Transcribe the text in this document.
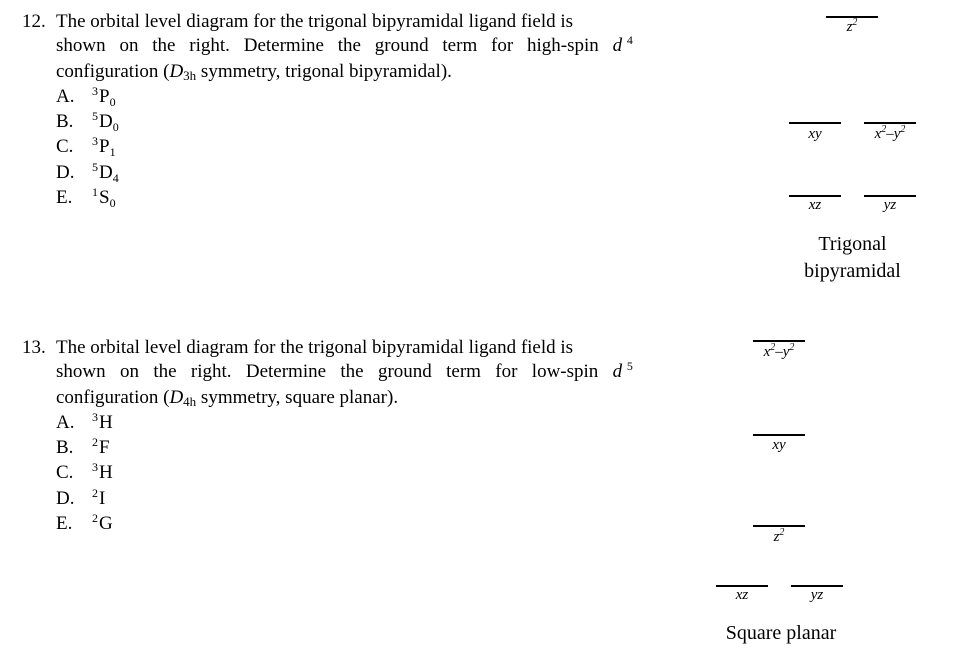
12. The orbital level diagram for the trigonal bipyramidal ligand field is
shown on the right. Determine the ground term for high-spin d $^4$
configuration (D3h symmetry, trigonal bipyramidal).
A.	$^3P_0$
B.	$^5D_0$
C.	$^3P_1$
D.	$^5D_4$
E.	$^1S_0$
13. The orbital level diagram for the trigonal bipyramidal ligand field is
shown on the right. Determine the ground term for low-spin d $^5$
configuration (D4h symmetry, square planar).
A.	$^3$H
B.	$^2$F
C.	$^3$H
D.	$^2$I
E.	$^2$G
$z^2$
xy	$x^2-y^2$
xz	yz
Trigonal
bipyramidal
$x^2-y^2$
xy
$z^2$
xz	yz
Square planar
